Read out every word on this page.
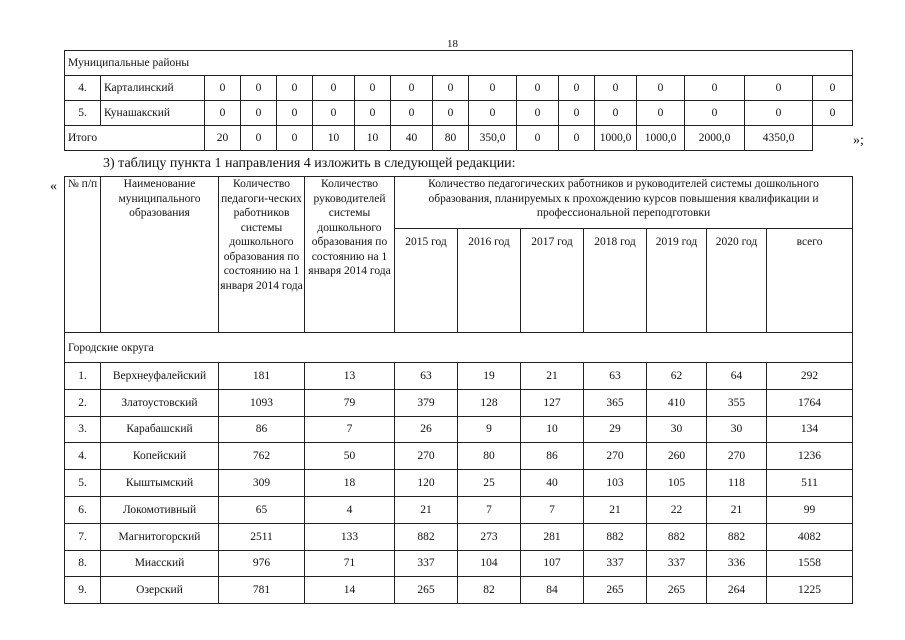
18
Муниципальные районы																
4.	Карталинский	0	0	0	0	0	0	0	0	0	0	0	0	0	0	0
5.	Кунашакский	0	0	0	0	0	0	0	0	0	0	0	0	0	0	0
Итого		20	0	0	10	10	40	80	350,0	0	0	1000,0	1000,0	2000,0	4350,0		»;
3) таблицу пункта 1 направления 4 изложить в следующей редакции:
« № п/п	Наименование муниципального образования	Количество педагоги-ческих работников системы дошкольного образования по состоянию на 1 января 2014 года	Количество руководителей системы дошкольного образования по состоянию на 1 января 2014 года	Количество педагогических работников и руководителей системы дошкольного образования, планируемых к прохождению курсов повышения квалификации и профессиональной переподготовки						
				2015 год	2016 год	2017 год	2018 год	2019 год	2020 год	всего
Городские округа										
1.	Верхнеуфалейский	181	13	63	19	21	63	62	64	292
2.	Златоустовский	1093	79	379	128	127	365	410	355	1764
3.	Карабашский	86	7	26	9	10	29	30	30	134
4.	Копейский	762	50	270	80	86	270	260	270	1236
5.	Кыштымский	309	18	120	25	40	103	105	118	511
6.	Локомотивный	65	4	21	7	7	21	22	21	99
7.	Магнитогорский	2511	133	882	273	281	882	882	882	4082
8.	Миасский	976	71	337	104	107	337	337	336	1558
9.	Озерский	781	14	265	82	84	265	265	264	1225
